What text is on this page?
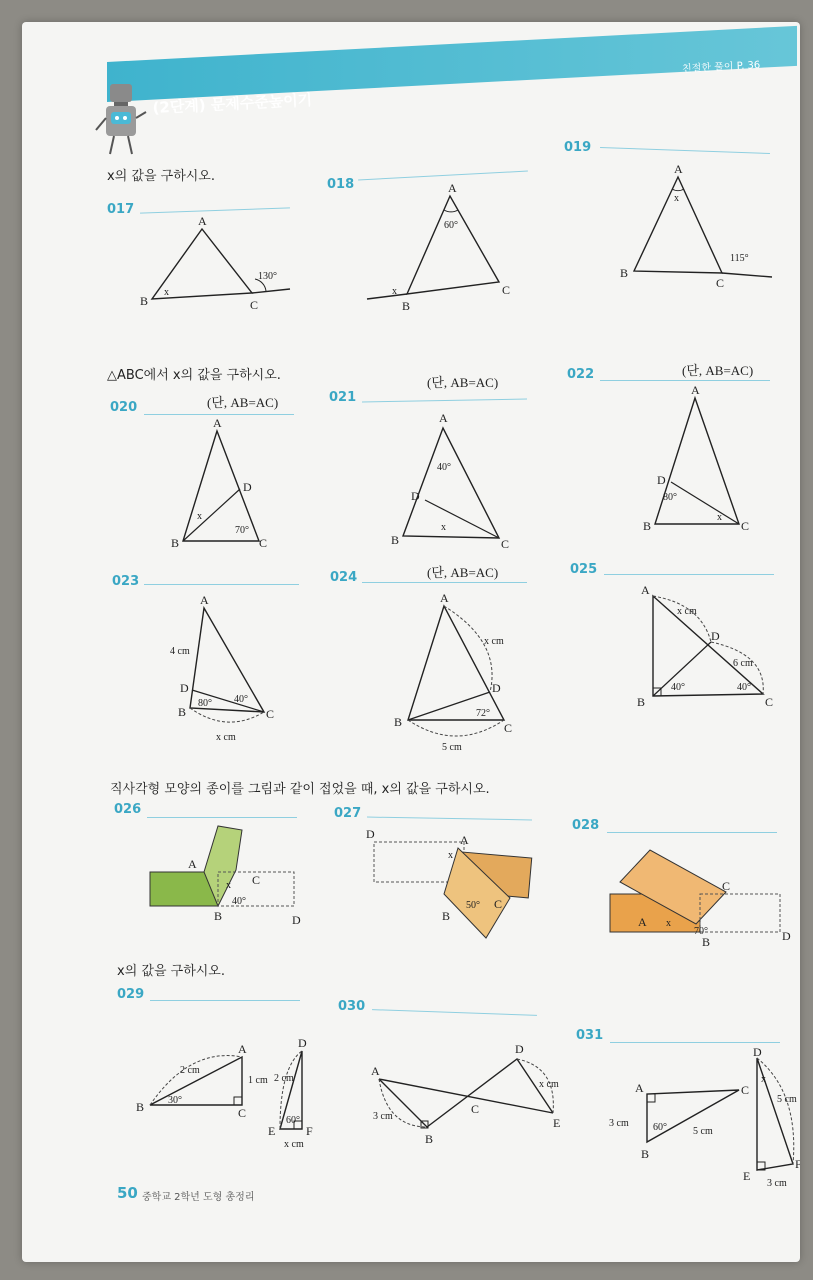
친절한 풀이 P. 36
(2단계) 문제수준높이기
x의 값을 구하시오.
017
A
B	C
x
130°
018	A
B
C
x
60°
019
A
B
C
x
115°
△ABC에서 x의 값을 구하시오.
020	(단, AB=AC)
A
B	C
D
x
70°
021
(단, AB=AC)
A
B	C
D
x
40°
022	(단, AB=AC)
A
B	C
D
x
80°
023
A
B	C
D
4 cm
80° 40°
x cm
024	(단, AB=AC)
A
B	C
D
x cm
72°
5 cm
025
A
B	C
D
x cm
6 cm
40°	40°
직사각형 모양의 종이를 그림과 같이 접었을 때, x의 값을 구하시오.
026
A
B
C
D
x
40°
027
D	A
B
C
x
50°
028
A
B
C
D
x
70°
x의 값을 구하시오.
029
A
B	C
D
E	F
2 cm
1 cm
30°
2 cm
60°
x cm
030
A
B
C
D
E
3 cm
x cm
031
A
B
C
D
E
F
3 cm 60°	5 cm
x
5 cm
3 cm
50 중학교 2학년 도형 총정리
